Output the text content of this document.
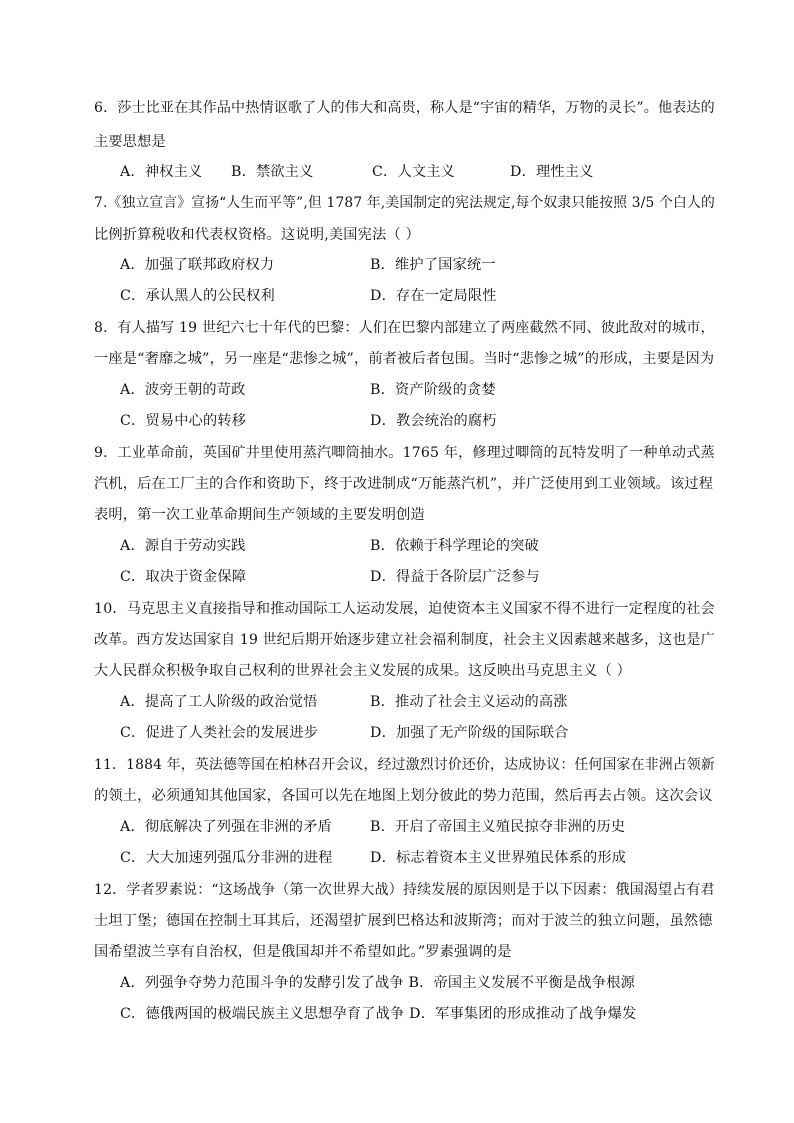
6．莎士比亚在其作品中热情讴歌了人的伟大和高贵，称人是“宇宙的精华，万物的灵长”。他表达的
主要思想是
A．神权主义 B．禁欲主义	C．人文主义	D．理性主义
7.《独立宣言》宣扬“人生而平等”,但 1787 年,美国制定的宪法规定,每个奴隶只能按照 3/5 个白人的
比例折算税收和代表权资格。这说明,美国宪法（ ）
A．加强了联邦政府权力	B．维护了国家统一
C．承认黑人的公民权利	D．存在一定局限性
8．有人描写 19 世纪六七十年代的巴黎：人们在巴黎内部建立了两座截然不同、彼此敌对的城市，
一座是“奢靡之城”，另一座是“悲惨之城”，前者被后者包围。当时“悲惨之城”的形成，主要是因为
A．波旁王朝的苛政	B．资产阶级的贪婪
C．贸易中心的转移	D．教会统治的腐朽
9．工业革命前，英国矿井里使用蒸汽唧筒抽水。1765 年，修理过唧筒的瓦特发明了一种单动式蒸
汽机，后在工厂主的合作和资助下，终于改进制成“万能蒸汽机”，并广泛使用到工业领域。该过程
表明，第一次工业革命期间生产领域的主要发明创造
A．源自于劳动实践	B．依赖于科学理论的突破
C．取决于资金保障	D．得益于各阶层广泛参与
10．马克思主义直接指导和推动国际工人运动发展，迫使资本主义国家不得不进行一定程度的社会
改革。西方发达国家自 19 世纪后期开始逐步建立社会福利制度，社会主义因素越来越多，这也是广
大人民群众积极争取自己权利的世界社会主义发展的成果。这反映出马克思主义（ ）
A．提高了工人阶级的政治觉悟	B．推动了社会主义运动的高涨
C．促进了人类社会的发展进步	D．加强了无产阶级的国际联合
11．1884 年，英法德等国在柏林召开会议，经过激烈讨价还价，达成协议：任何国家在非洲占领新
的领土，必须通知其他国家，各国可以先在地图上划分彼此的势力范围，然后再去占领。这次会议
A．彻底解决了列强在非洲的矛盾	B．开启了帝国主义殖民掠夺非洲的历史
C．大大加速列强瓜分非洲的进程	D．标志着资本主义世界殖民体系的形成
12．学者罗素说：“这场战争（第一次世界大战）持续发展的原因则是于以下因素：俄国渴望占有君
士坦丁堡；德国在控制土耳其后，还渴望扩展到巴格达和波斯湾；而对于波兰的独立问题，虽然德
国希望波兰享有自治权，但是俄国却并不希望如此。”罗素强调的是
A．列强争夺势力范围斗争的发酵引发了战争 B．帝国主义发展不平衡是战争根源
C．德俄两国的极端民族主义思想孕育了战争 D．军事集团的形成推动了战争爆发
